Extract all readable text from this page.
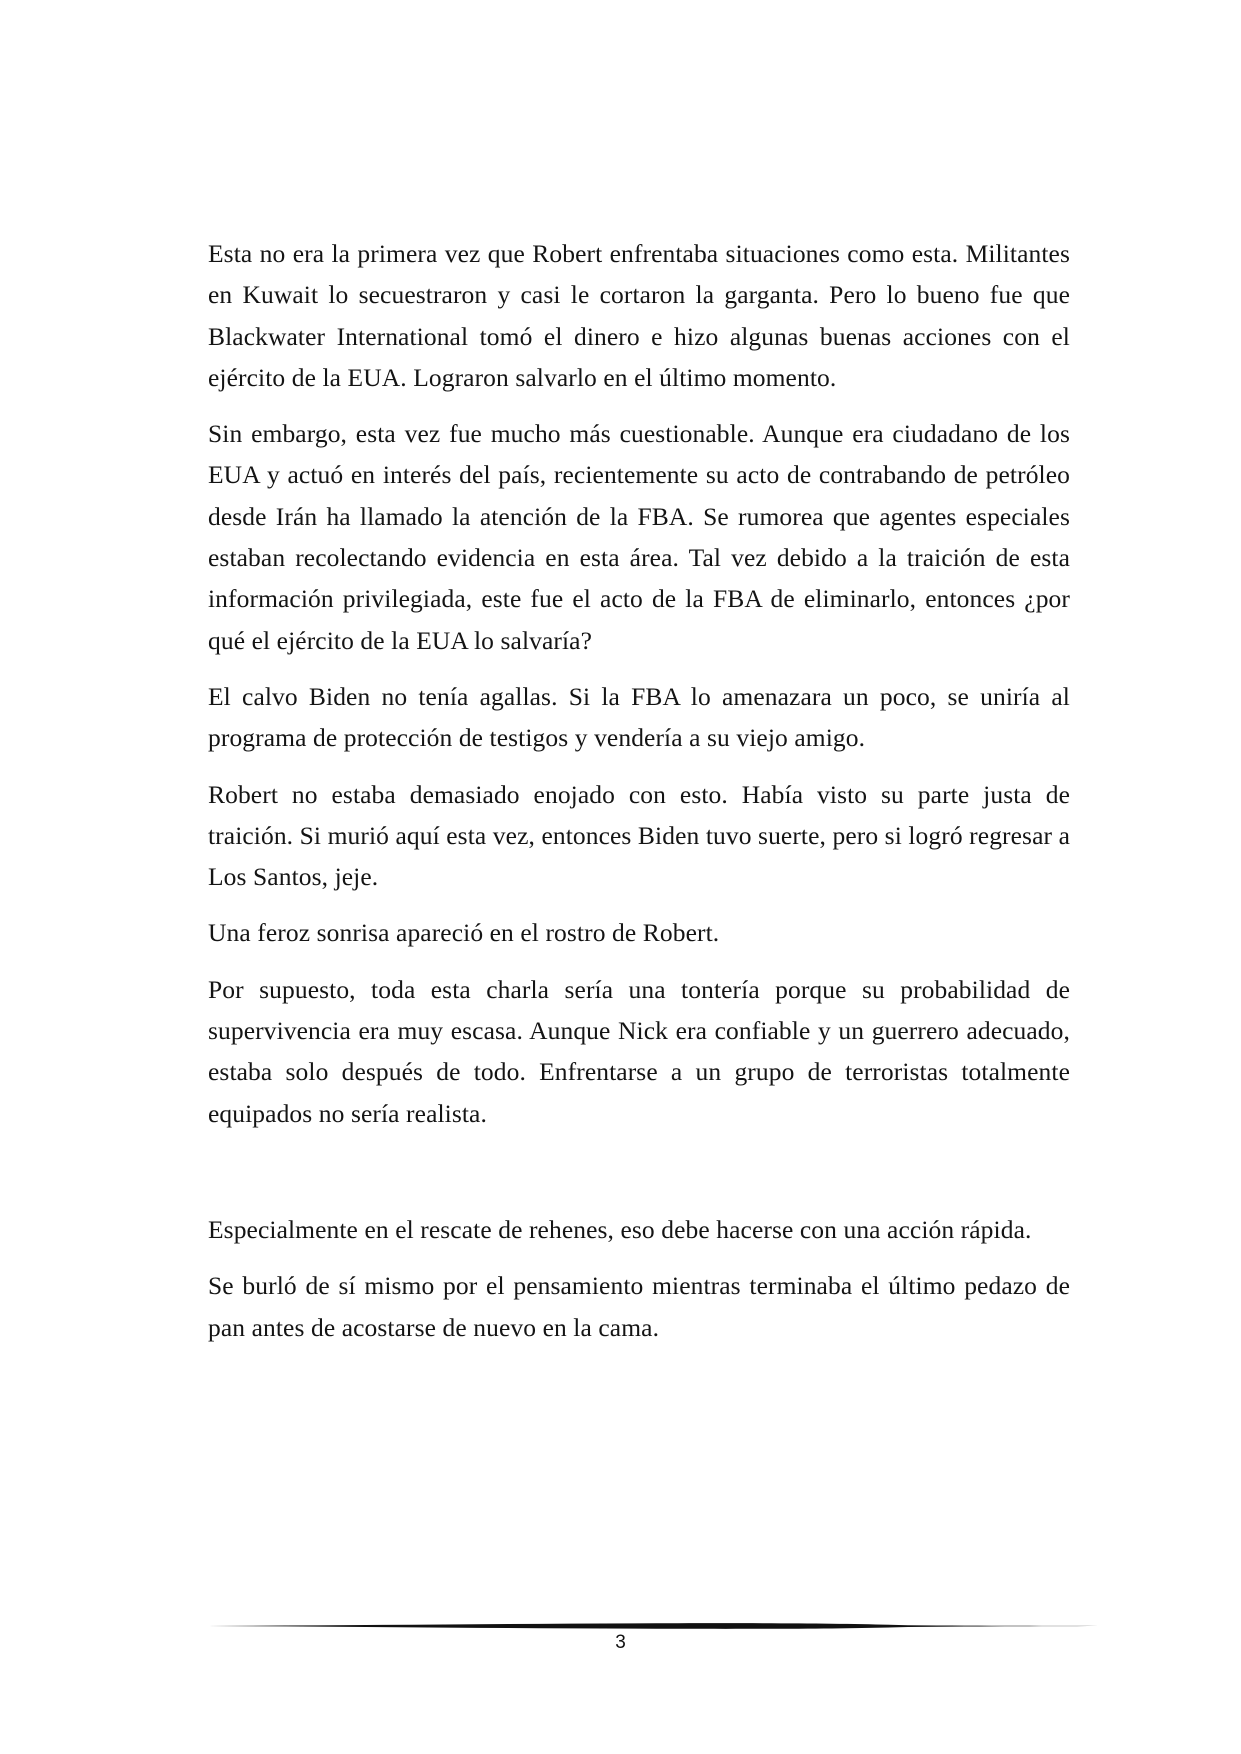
Esta no era la primera vez que Robert enfrentaba situaciones como esta. Militantes en Kuwait lo secuestraron y casi le cortaron la garganta. Pero lo bueno fue que Blackwater International tomó el dinero e hizo algunas buenas acciones con el ejército de la EUA. Lograron salvarlo en el último momento.

Sin embargo, esta vez fue mucho más cuestionable. Aunque era ciudadano de los EUA y actuó en interés del país, recientemente su acto de contrabando de petróleo desde Irán ha llamado la atención de la FBA. Se rumorea que agentes especiales estaban recolectando evidencia en esta área. Tal vez debido a la traición de esta información privilegiada, este fue el acto de la FBA de eliminarlo, entonces ¿por qué el ejército de la EUA lo salvaría?

El calvo Biden no tenía agallas. Si la FBA lo amenazara un poco, se uniría al programa de protección de testigos y vendería a su viejo amigo.

Robert no estaba demasiado enojado con esto. Había visto su parte justa de traición. Si murió aquí esta vez, entonces Biden tuvo suerte, pero si logró regresar a Los Santos, jeje.

Una feroz sonrisa apareció en el rostro de Robert.

Por supuesto, toda esta charla sería una tontería porque su probabilidad de supervivencia era muy escasa. Aunque Nick era confiable y un guerrero adecuado, estaba solo después de todo. Enfrentarse a un grupo de terroristas totalmente equipados no sería realista.

Especialmente en el rescate de rehenes, eso debe hacerse con una acción rápida.

Se burló de sí mismo por el pensamiento mientras terminaba el último pedazo de pan antes de acostarse de nuevo en la cama.

3
